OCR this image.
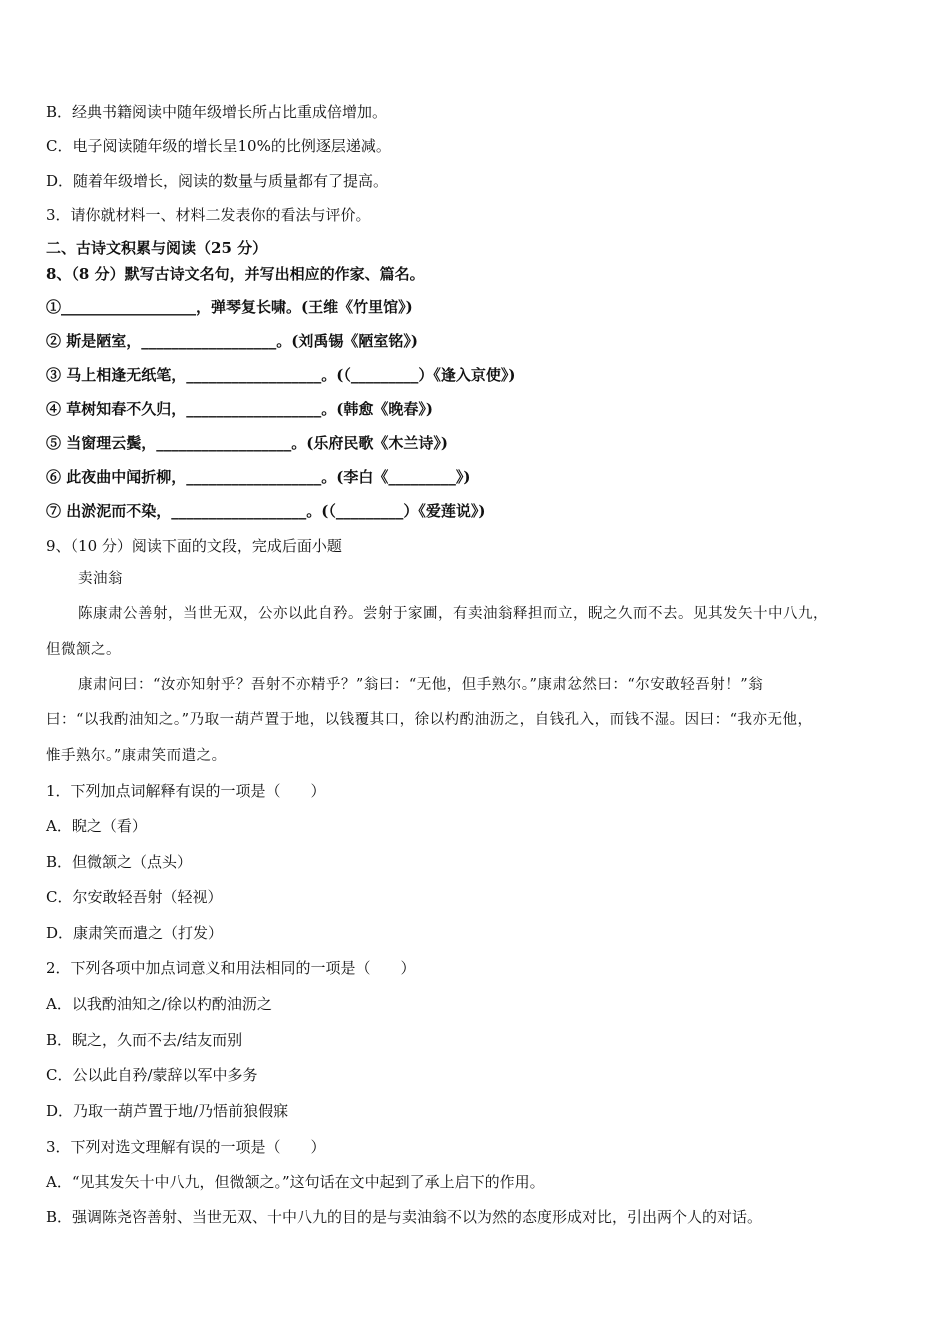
B．经典书籍阅读中随年级增长所占比重成倍增加。
C．电子阅读随年级的增长呈10%的比例逐层递减。
D．随着年级增长，阅读的数量与质量都有了提高。
3．请你就材料一、材料二发表你的看法与评价。
二、古诗文积累与阅读（25 分）
8、（8 分）默写古诗文名句，并写出相应的作家、篇名。
①__________________，弹琴复长啸。(王维《竹里馆》)
② 斯是陋室，__________________。(刘禹锡《陋室铭》)
③ 马上相逢无纸笔，__________________。(（_________）《逢入京使》)
④ 草树知春不久归，__________________。(韩愈《晚春》)
⑤ 当窗理云鬓，__________________。(乐府民歌《木兰诗》)
⑥ 此夜曲中闻折柳，__________________。(李白《_________》)
⑦ 出淤泥而不染，__________________。(（_________）《爱莲说》)
9、（10 分）阅读下面的文段，完成后面小题
卖油翁
陈康肃公善射，当世无双，公亦以此自矜。尝射于家圃，有卖油翁释担而立，睨之久而不去。见其发矢十中八九，
但微颔之。
康肃问曰：“汝亦知射乎？吾射不亦精乎？”翁曰：“无他，但手熟尔。”康肃忿然曰：“尔安敢轻吾射！”翁
曰：“以我酌油知之。”乃取一葫芦置于地，以钱覆其口，徐以杓酌油沥之，自钱孔入，而钱不湿。因曰：“我亦无他，
惟手熟尔。”康肃笑而遣之。
1．下列加点词解释有误的一项是（　　）
A．睨之（看）
B．但微颔之（点头）
C．尔安敢轻吾射（轻视）
D．康肃笑而遣之（打发）
2．下列各项中加点词意义和用法相同的一项是（　　）
A．以我酌油知之/徐以杓酌油沥之
B．睨之，久而不去/结友而别
C．公以此自矜/蒙辞以军中多务
D．乃取一葫芦置于地/乃悟前狼假寐
3．下列对选文理解有误的一项是（　　）
A．“见其发矢十中八九，但微颔之。”这句话在文中起到了承上启下的作用。
B．强调陈尧咨善射、当世无双、十中八九的目的是与卖油翁不以为然的态度形成对比，引出两个人的对话。
